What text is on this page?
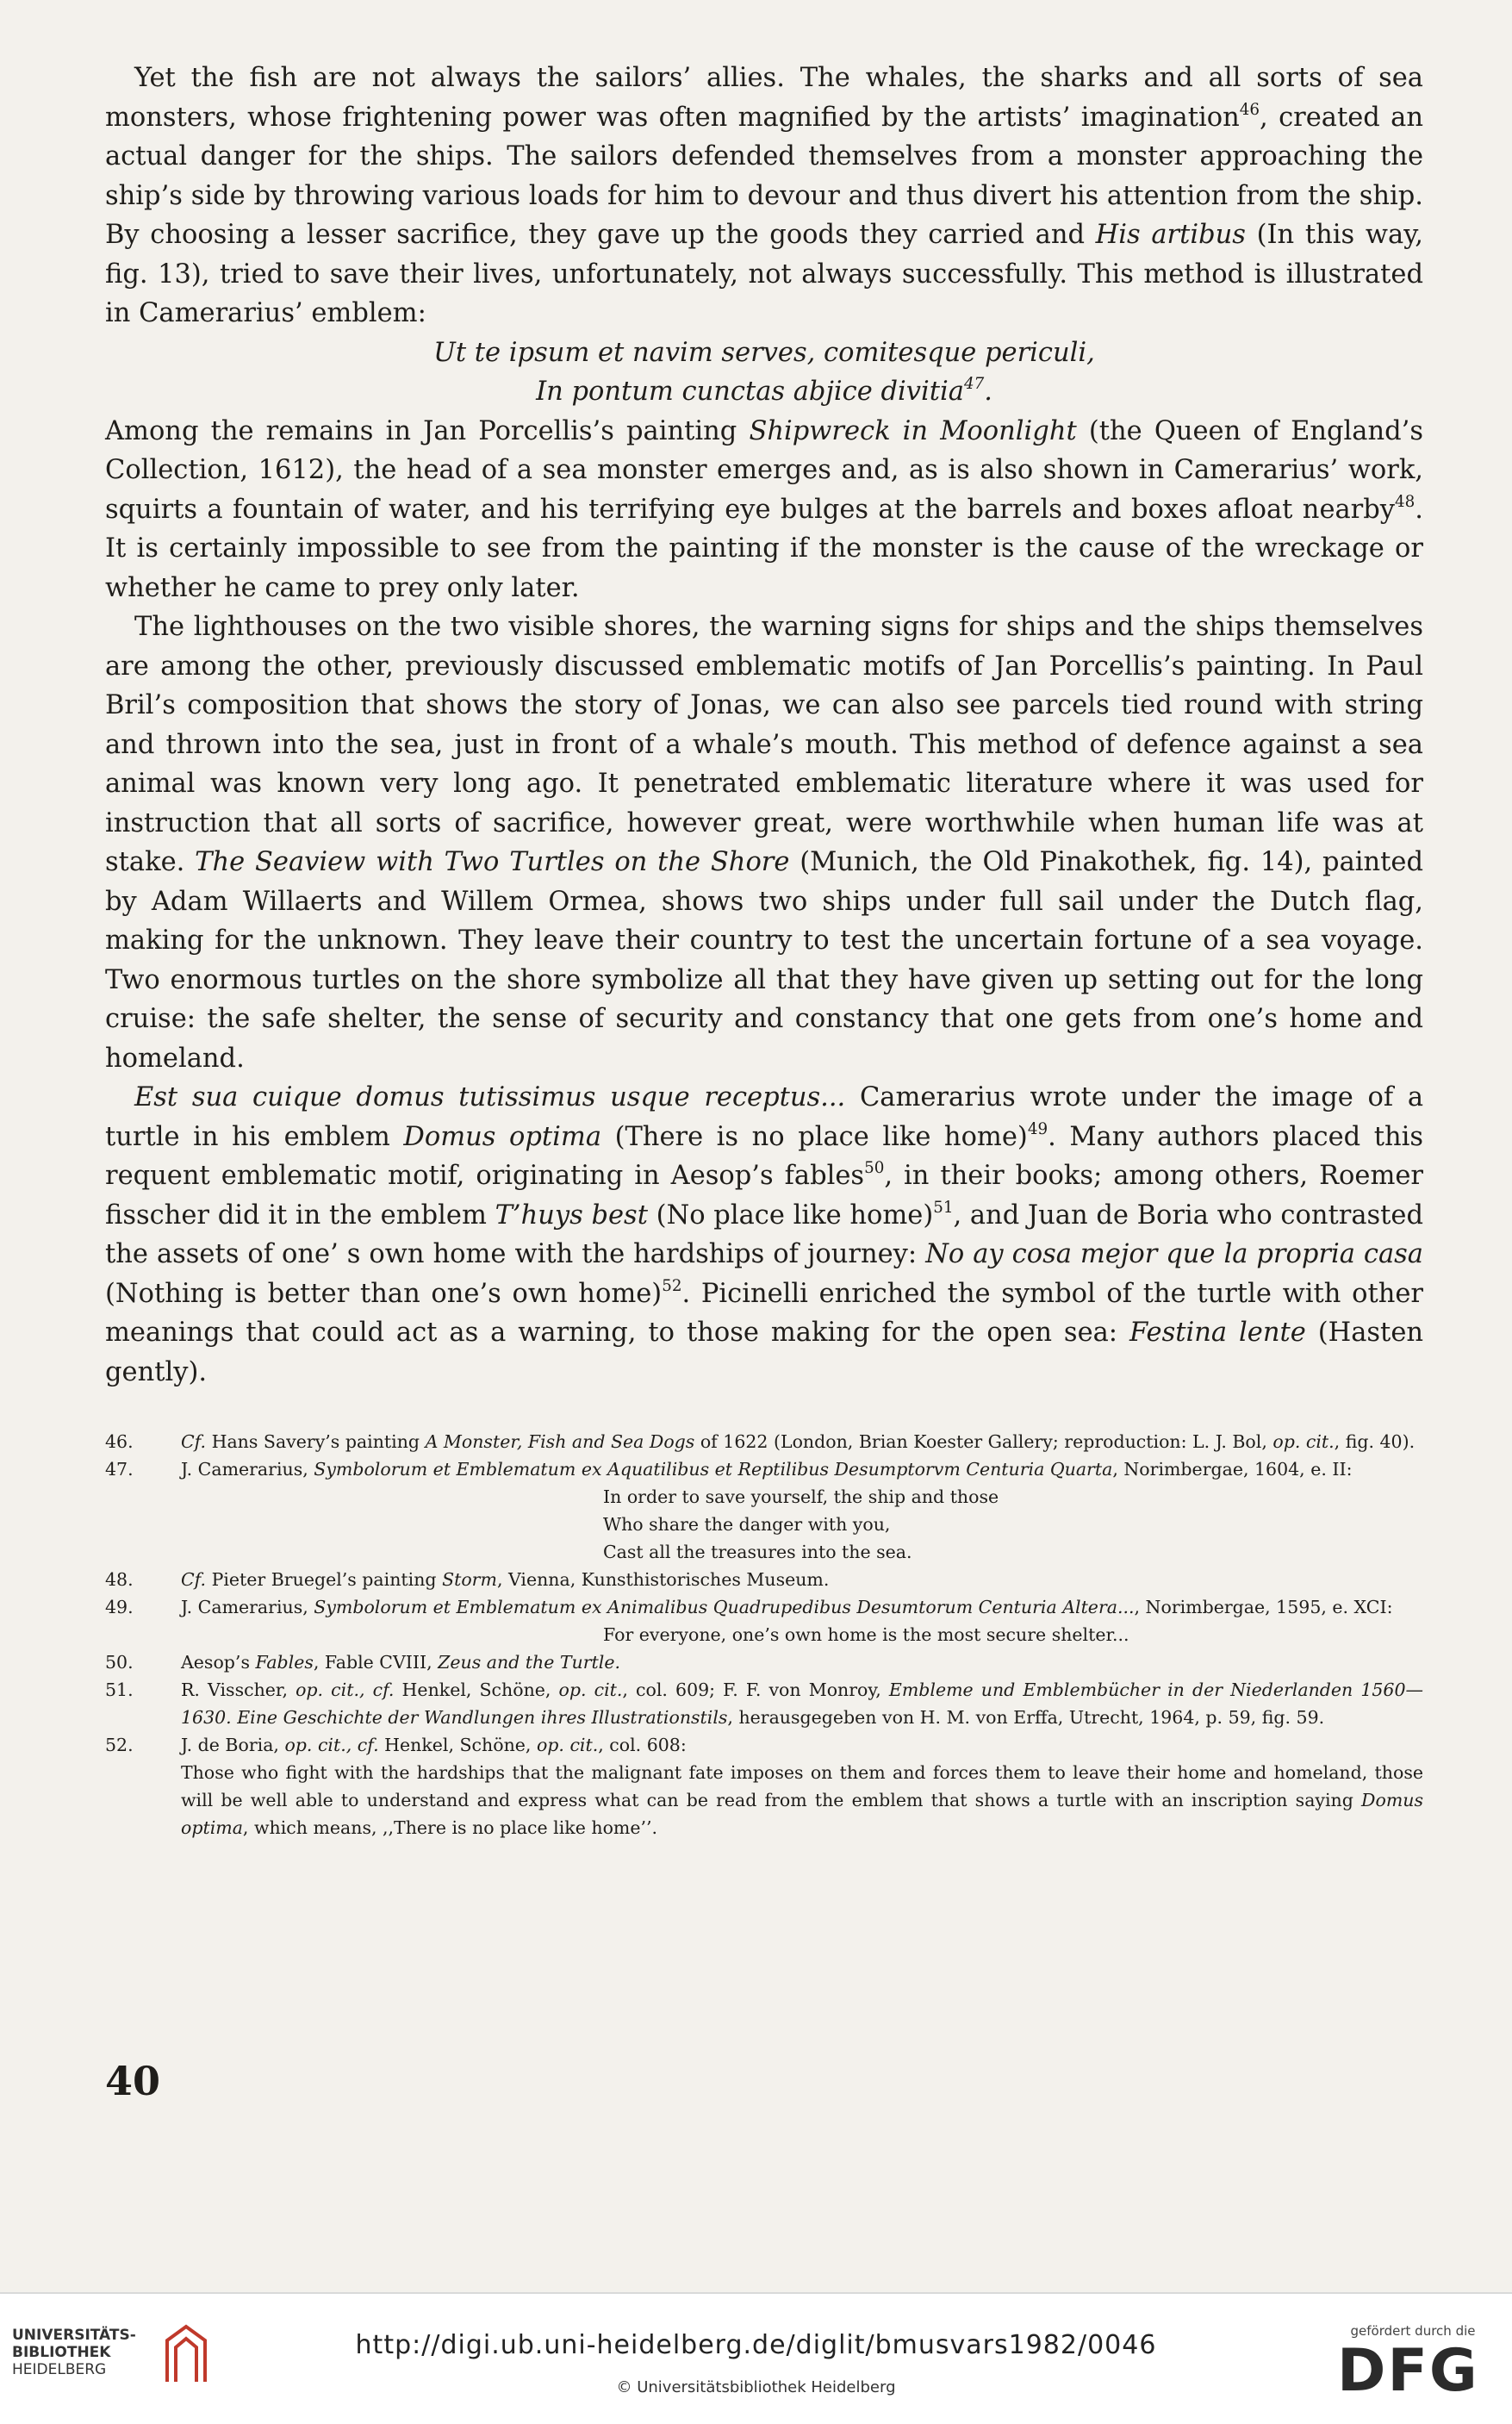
Yet the fish are not always the sailors’ allies. The whales, the sharks and all sorts of sea monsters, whose frightening power was often magnified by the artists’ imagination$^{46}$, created an actual danger for the ships. The sailors defended themselves from a monster approaching the ship’s side by throwing various loads for him to devour and thus divert his attention from the ship. By choosing a lesser sacrifice, they gave up the goods they carried and His artibus (In this way, fig. 13), tried to save their lives, unfortunately, not always successfully. This method is illustrated in Camerarius’ emblem:

Ut te ipsum et navim serves, comitesque periculi,

In pontum cunctas abjice divitia$^{47}$.

Among the remains in Jan Porcellis’s painting Shipwreck in Moonlight (the Queen of England’s Collection, 1612), the head of a sea monster emerges and, as is also shown in Camerarius’ work, squirts a fountain of water, and his terrifying eye bulges at the barrels and boxes afloat nearby$^{48}$. It is certainly impossible to see from the painting if the monster is the cause of the wreckage or whether he came to prey only later.

The lighthouses on the two visible shores, the warning signs for ships and the ships themselves are among the other, previously discussed emblematic motifs of Jan Porcellis’s painting. In Paul Bril’s composition that shows the story of Jonas, we can also see parcels tied round with string and thrown into the sea, just in front of a whale’s mouth. This method of defence against a sea animal was known very long ago. It penetrated emblematic literature where it was used for instruction that all sorts of sacrifice, however great, were worthwhile when human life was at stake. The Seaview with Two Turtles on the Shore (Munich, the Old Pinakothek, fig. 14), painted by Adam Willaerts and Willem Ormea, shows two ships under full sail under the Dutch flag, making for the unknown. They leave their country to test the uncertain fortune of a sea voyage. Two enormous turtles on the shore symbolize all that they have given up setting out for the long cruise: the safe shelter, the sense of security and constancy that one gets from one’s home and homeland.

Est sua cuique domus tutissimus usque receptus... Camerarius wrote under the image of a turtle in his emblem Domus optima (There is no place like home)$^{49}$. Many authors placed this requent emblematic motif, originating in Aesop’s fables$^{50}$, in their books; among others, Roemer fisscher did it in the emblem T’huys best (No place like home)$^{51}$, and Juan de Boria who contrasted the assets of one’ s own home with the hardships of journey: No ay cosa mejor que la propria casa (Nothing is better than one’s own home)$^{52}$. Picinelli enriched the symbol of the turtle with other meanings that could act as a warning, to those making for the open sea: Festina lente (Hasten gently).

46.	Cf. Hans Savery’s painting A Monster, Fish and Sea Dogs of 1622 (London, Brian Koester Gallery; reproduction: L. J. Bol, op. cit., fig. 40).

47.	J. Camerarius, Symbolorum et Emblematum ex Aquatilibus et Reptilibus Desumptorvm Centuria Quarta, Norimbergae, 1604, e. II:

In order to save yourself, the ship and those
Who share the danger with you,
Cast all the treasures into the sea.

48.	Cf. Pieter Bruegel’s painting Storm, Vienna, Kunsthistorisches Museum.

49.	J. Camerarius, Symbolorum et Emblematum ex Animalibus Quadrupedibus Desumtorum Centuria Altera..., Norimbergae, 1595, e. XCI:

For everyone, one’s own home is the most secure shelter...

50.	Aesop’s Fables, Fable CVIII, Zeus and the Turtle.

51.	R. Visscher, op. cit., cf. Henkel, Schöne, op. cit., col. 609; F. F. von Monroy, Embleme und Emblembücher in der Niederlanden 1560—1630. Eine Geschichte der Wandlungen ihres Illustrationstils, herausgegeben von H. M. von Erffa, Utrecht, 1964, p. 59, fig. 59.

52.	J. de Boria, op. cit., cf. Henkel, Schöne, op. cit., col. 608:

Those who fight with the hardships that the malignant fate imposes on them and forces them to leave their home and homeland, those will be well able to understand and express what can be read from the emblem that shows a turtle with an inscription saying Domus optima, which means, ,,There is no place like home’’.

40
UNIVERSITÄTS-
BIBLIOTHEK
HEIDELBERG
http://digi.ub.uni-heidelberg.de/diglit/bmusvars1982/0046
© Universitätsbibliothek Heidelberg
gefördert durch die
DFG
